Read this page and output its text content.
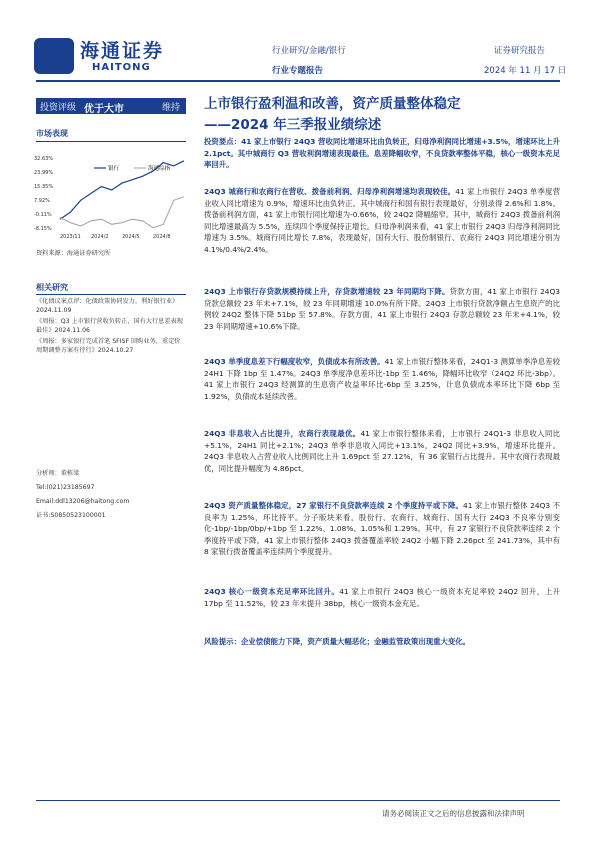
海通证券
HAITONG
行业研究/金融/银行
行业专题报告
证券研究报告
2024 年 11 月 17 日
投资评级 优于大市	维持 上市银行盈利温和改善，资产质量整体稳定
——2024 年三季报业绩综述
市场表现
32.63%
23.99%
15.35%
7.92%
-0.11%
-8.15%
2023/11 2024/2	2024/5	2024/8
银行	海通综指
资料来源：海通证券研究所
相关研究
《化债议案点评：化债政策协同发力，利好银行业》2024.11.09
《周报：Q3 上市银行营收负转正，国有大行息差表现最佳》2024.11.06
《周报：多家银行完成首笔 SFISF 回购业务，重定价周期调整方案有待行》2024.10.27
分析师：董栋梁
Tel:(021)23185697
Email:ddl13206@haitong.com
证书:S0850523100001
投资要点：41 家上市银行 24Q3 营收同比增速环比由负转正，归母净利润同比增速+3.5%，增速环比上升 2.1pct。其中城商行 Q3 营收利润增速表现最佳。息差降幅收窄，不良贷款率整体平稳，核心一级资本充足率回升。
24Q3 城商行和农商行在营收、拨备前利润、归母净利润增速均表现较佳。41 家上市银行 24Q3 单季度营业收入同比增速为 0.9%，增速环比由负转正。其中城商行和国有银行表现最好，分别录得 2.6%和 1.8%。拨备前利润方面，41 家上市银行同比增速为-0.66%，较 24Q2 降幅缩窄。其中，城商行 24Q3 拨备前利润同比增速最高为 5.5%，连续四个季度保持正增长。归母净利润来看，41 家上市银行 24Q3 归母净利润同比增速为 3.5%。城商行同比增长 7.8%，表现最好，国有大行、股份制银行、农商行 24Q3 同比增速分别为 4.1%/0.4%/2.4%。
24Q3 上市银行存贷款规模持续上升，存贷款增速较 23 年同期均下降。贷款方面，41 家上市银行 24Q3 贷款总额较 23 年末+7.1%，较 23 年同期增速 10.0%有所下降。24Q3 上市银行贷款净额占生息资产的比例较 24Q2 整体下降 51bp 至 57.8%。存款方面，41 家上市银行 24Q3 存款总额较 23 年末+4.1%，较 23 年同期增速+10.6%下降。
24Q3 单季度息差下行幅度收窄，负债成本有所改善。41 家上市银行整体来看，24Q1-3 测算单季净息差较 24H1 下降 1bp 至 1.47%。24Q3 单季度净息差环比-1bp 至 1.46%，降幅环比收窄（24Q2 环比-3bp）。41 家上市银行 24Q3 经测算的生息资产收益率环比-6bp 至 3.25%，计息负债成本率环比下降 6bp 至 1.92%，负债成本延续改善。
24Q3 非息收入占比提升，农商行表现最优。41 家上市银行整体来看，上市银行 24Q1-3 非息收入同比+5.1%，24H1 同比+2.1%；24Q3 单季非息收入同比+13.1%，24Q2 同比+3.9%，增速环比提升。24Q3 非息收入占营业收入比例同比上升 1.69pct 至 27.12%，有 36 家银行占比提升。其中农商行表现最优，同比提升幅度为 4.86pct。
24Q3 资产质量整体稳定，27 家银行不良贷款率连续 2 个季度持平或下降。41 家上市银行整体 24Q3 不良率为 1.25%，环比持平。分子版块来看，股份行、农商行、城商行、国有大行 24Q3 不良率分别变化-1bp/-1bp/0bp/+1bp 至 1.22%、1.08%、1.05%和 1.29%。其中，有 27 家银行不良贷款率连续 2 个季度持平或下降。41 家上市银行整体 24Q3 拨备覆盖率较 24Q2 小幅下降 2.26pct 至 241.73%，其中有 8 家银行拨备覆盖率连续两个季度提升。
24Q3 核心一级资本充足率环比回升。41 家上市银行 24Q3 核心一级资本充足率较 24Q2 回升，上升 17bp 至 11.52%，较 23 年末提升 38bp，核心一级资本金充足。
风险提示：企业偿债能力下降，资产质量大幅恶化；金融监管政策出现重大变化。
请务必阅读正文之后的信息披露和法律声明
